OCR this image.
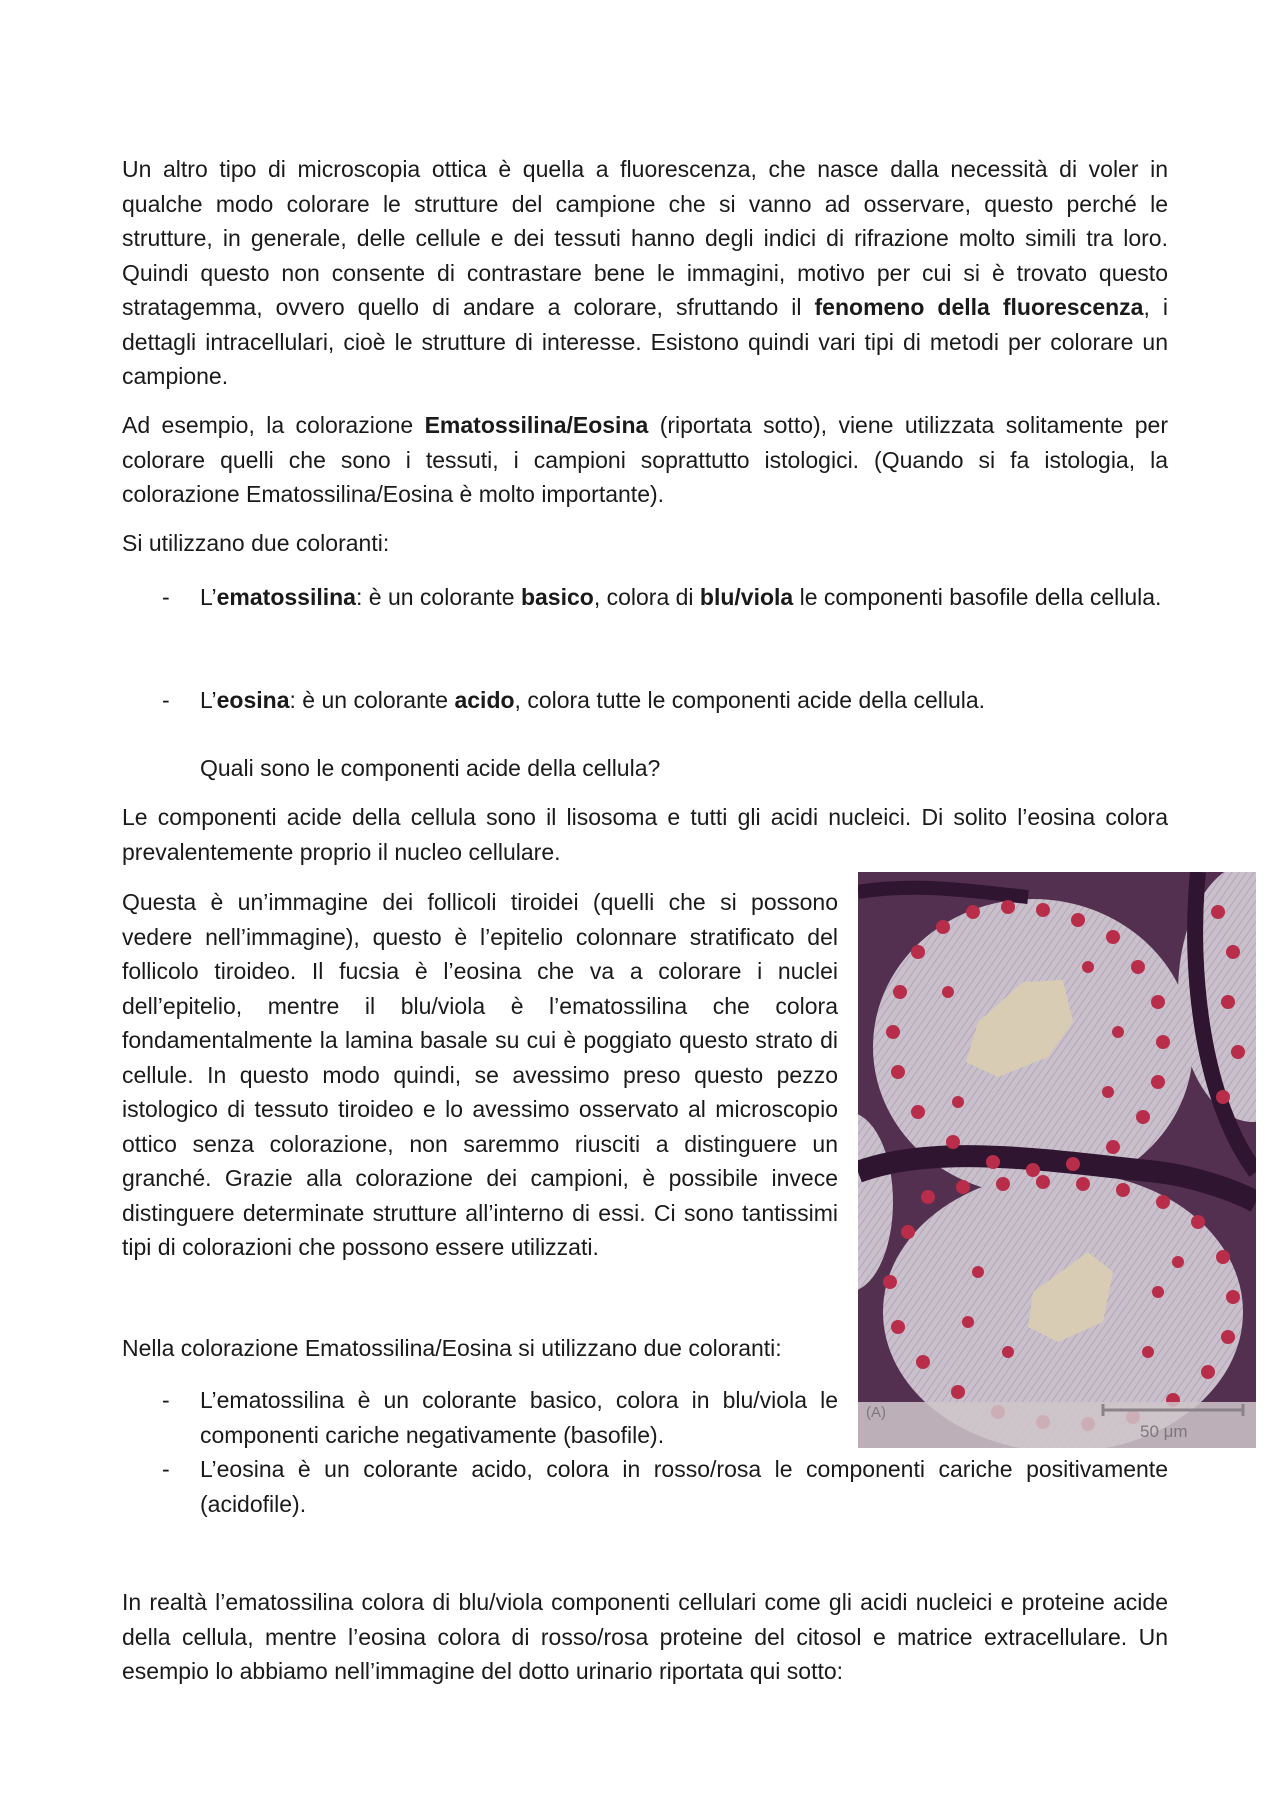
Un altro tipo di microscopia ottica è quella a fluorescenza, che nasce dalla necessità di voler in qualche modo colorare le strutture del campione che si vanno ad osservare, questo perché le strutture, in generale, delle cellule e dei tessuti hanno degli indici di rifrazione molto simili tra loro. Quindi questo non consente di contrastare bene le immagini, motivo per cui si è trovato questo stratagemma, ovvero quello di andare a colorare, sfruttando il fenomeno della fluorescenza, i dettagli intracellulari, cioè le strutture di interesse. Esistono quindi vari tipi di metodi per colorare un campione.

Ad esempio, la colorazione Ematossilina/Eosina (riportata sotto), viene utilizzata solitamente per colorare quelli che sono i tessuti, i campioni soprattutto istologici. (Quando si fa istologia, la colorazione Ematossilina/Eosina è molto importante).

Si utilizzano due coloranti:

- L’ematossilina: è un colorante basico, colora di blu/viola le componenti basofile della cellula.
- L’eosina: è un colorante acido, colora tutte le componenti acide della cellula.

Quali sono le componenti acide della cellula?

Le componenti acide della cellula sono il lisosoma e tutti gli acidi nucleici. Di solito l’eosina colora prevalentemente proprio il nucleo cellulare.

Questa è un’immagine dei follicoli tiroidei (quelli che si possono vedere nell’immagine), questo è l’epitelio colonnare stratificato del follicolo tiroideo. Il fucsia è l’eosina che va a colorare i nuclei dell’epitelio, mentre il blu/viola è l’ematossilina che colora fondamentalmente la lamina basale su cui è poggiato questo strato di cellule. In questo modo quindi, se avessimo preso questo pezzo istologico di tessuto tiroideo e lo avessimo osservato al microscopio ottico senza colorazione, non saremmo riusciti a distinguere un granché. Grazie alla colorazione dei campioni, è possibile invece distinguere determinate strutture all’interno di essi. Ci sono tantissimi tipi di colorazioni che possono essere utilizzati.

(A)
50 μm

Nella colorazione Ematossilina/Eosina si utilizzano due coloranti:

- L’ematossilina è un colorante basico, colora in blu/viola le componenti cariche negativamente (basofile).
- L’eosina è un colorante acido, colora in rosso/rosa le componenti cariche positivamente (acidofile).

In realtà l’ematossilina colora di blu/viola componenti cellulari come gli acidi nucleici e proteine acide della cellula, mentre l’eosina colora di rosso/rosa proteine del citosol e matrice extracellulare. Un esempio lo abbiamo nell’immagine del dotto urinario riportata qui sotto:
